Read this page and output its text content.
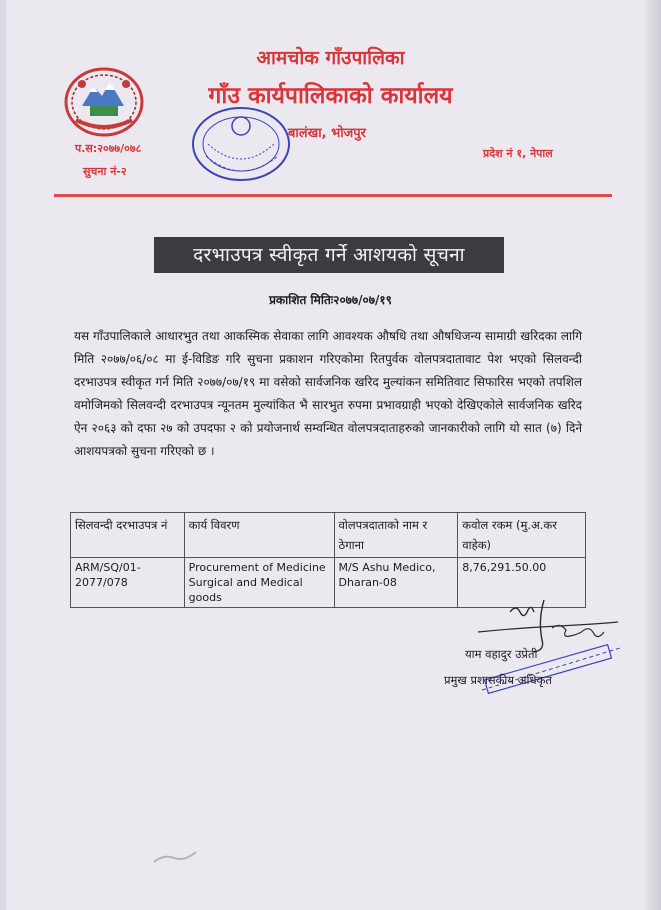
आमचोक गाँउपालिका
गाँउ कार्यपालिकाको कार्यालय
बालंखा, भोजपुर
प.स:२०७७/०७८
सुचना नं-२
प्रदेश नं १, नेपाल
दरभाउपत्र स्वीकृत गर्ने आशयको सूचना
प्रकाशित मितिः२०७७/०७/१९
यस गाँउपालिकाले आधारभुत तथा आकस्मिक सेवाका लागि आवश्यक औषधि तथा औषधिजन्य सामाग्री खरिदका लागि मिति २०७७/०६/०८ मा ई-विडिङ गरि सुचना प्रकाशन गरिएकोमा रितपुर्वक वोलपत्रदातावाट पेश भएको सिलवन्दी दरभाउपत्र स्वीकृत गर्न मिति २०७७/०७/१९ मा वसेको सार्वजनिक खरिद मुल्यांकन समितिवाट सिफारिस भएको तपशिल वमोजिमको सिलवन्दी दरभाउपत्र न्यूनतम मुल्यांकित भै सारभुत रुपमा प्रभावग्राही भएको देखिएकोले सार्वजनिक खरिद ऐन २०६३ को दफा २७ को उपदफा २ को प्रयोजनार्थ सम्वन्धित वोलपत्रदाताहरुको जानकारीको लागि यो सात (७) दिने आशयपत्रको सुचना गरिएको छ ।
सिलवन्दी दरभाउपत्र नं	कार्य विवरण	वोलपत्रदाताको नाम र ठेगाना	कवोल रकम (मु.अ.कर वाहेक)
ARM/SQ/01-2077/078	Procurement of Medicine Surgical and Medical goods	M/S Ashu Medico, Dharan-08	8,76,291.50.00
याम वहादुर उप्रेती
प्रमुख प्रशासकीय अधिकृत
